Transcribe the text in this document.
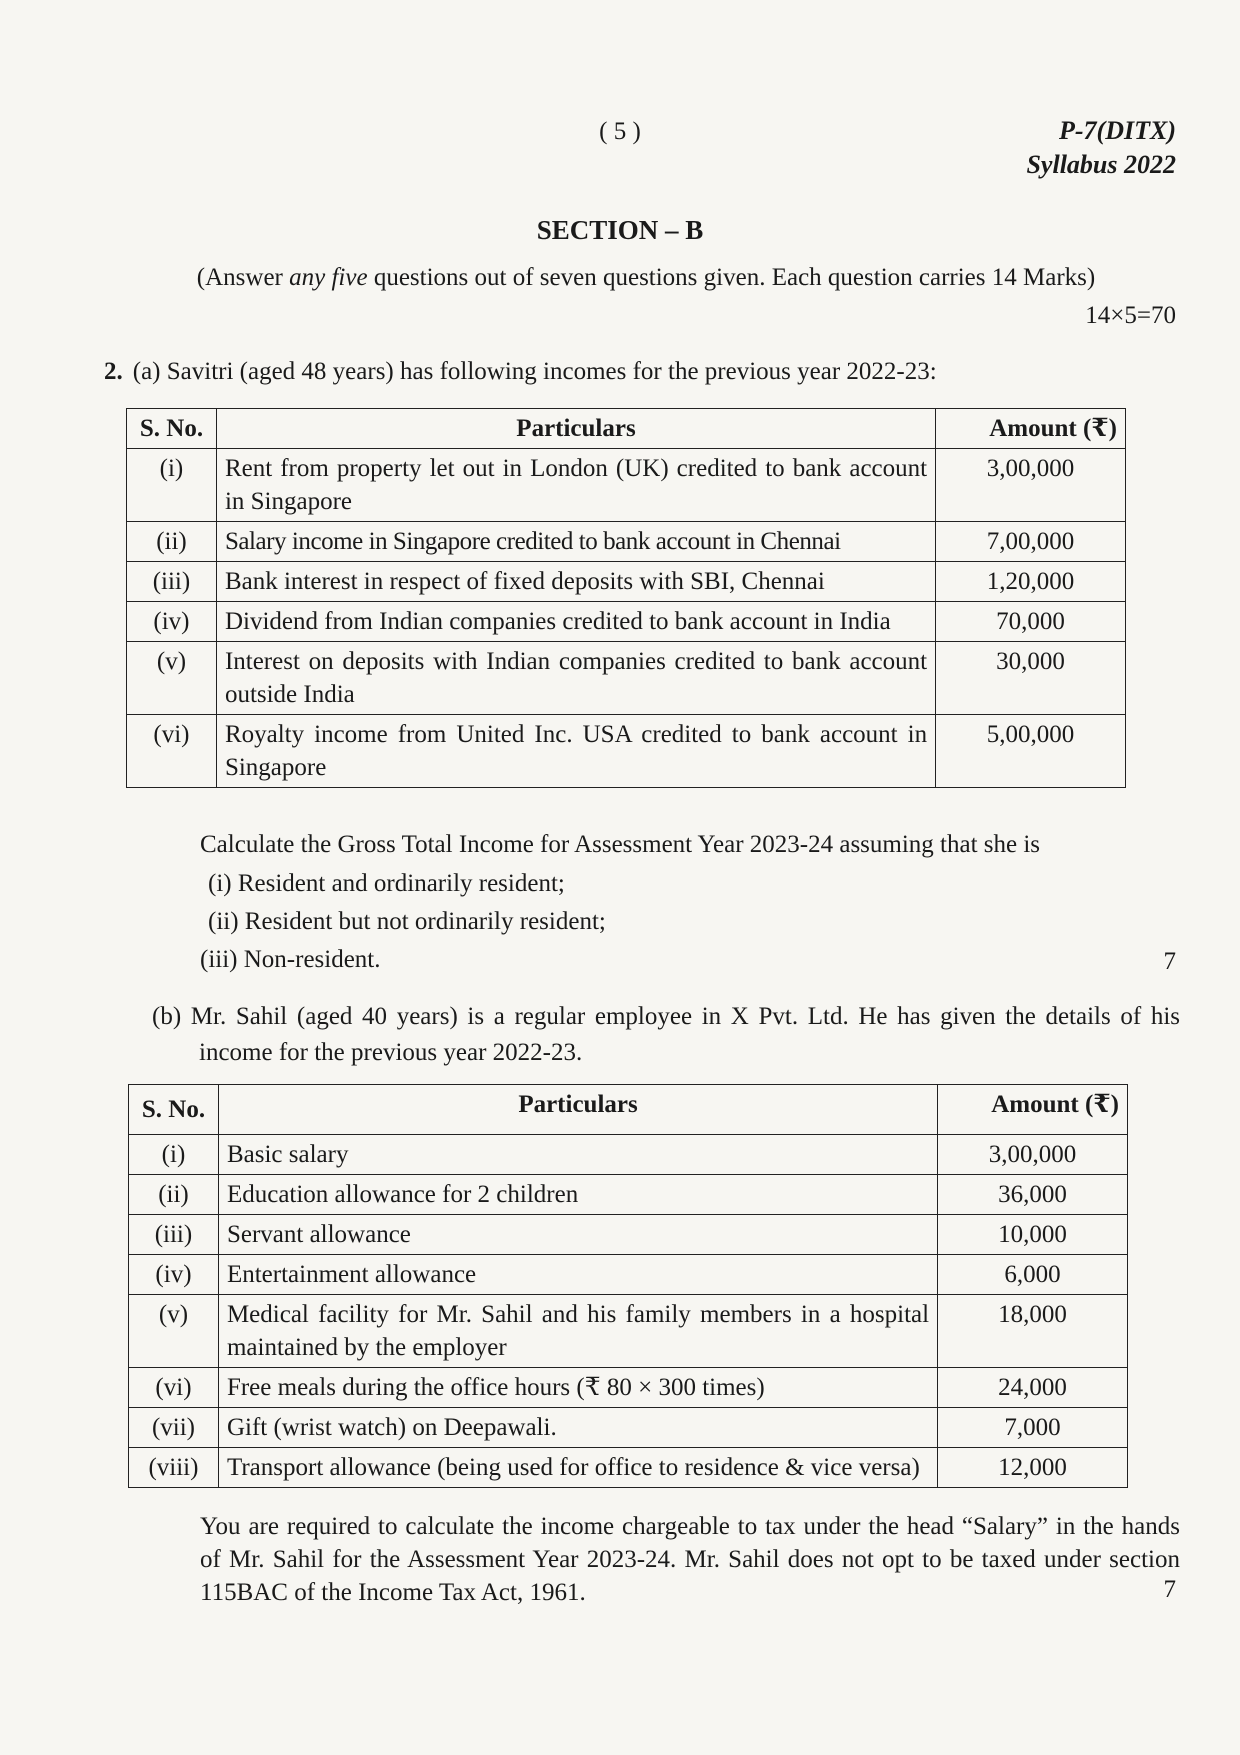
( 5 )	P-7(DITX)
Syllabus 2022
SECTION – B
(Answer any five questions out of seven questions given. Each question carries 14 Marks)
14×5=70
2. (a) Savitri (aged 48 years) has following incomes for the previous year 2022-23:
S. No.	Particulars	Amount (₹)
(i)	Rent from property let out in London (UK) credited to bank account in Singapore	3,00,000
(ii)	Salary income in Singapore credited to bank account in Chennai	7,00,000
(iii)	Bank interest in respect of fixed deposits with SBI, Chennai	1,20,000
(iv)	Dividend from Indian companies credited to bank account in India	70,000
(v)	Interest on deposits with Indian companies credited to bank account outside India	30,000
(vi)	Royalty income from United Inc. USA credited to bank account in Singapore	5,00,000
Calculate the Gross Total Income for Assessment Year 2023-24 assuming that she is
(i) Resident and ordinarily resident;
(ii) Resident but not ordinarily resident;
(iii) Non-resident.	7
(b) Mr. Sahil (aged 40 years) is a regular employee in X Pvt. Ltd. He has given the details of his income for the previous year 2022-23.
S. No.	Particulars	Amount (₹)
(i)	Basic salary	3,00,000
(ii)	Education allowance for 2 children	36,000
(iii)	Servant allowance	10,000
(iv)	Entertainment allowance	6,000
(v)	Medical facility for Mr. Sahil and his family members in a hospital maintained by the employer	18,000
(vi)	Free meals during the office hours (₹ 80 × 300 times)	24,000
(vii)	Gift (wrist watch) on Deepawali.	7,000
(viii)	Transport allowance (being used for office to residence & vice versa)	12,000
You are required to calculate the income chargeable to tax under the head “Salary” in the hands of Mr. Sahil for the Assessment Year 2023-24. Mr. Sahil does not opt to be taxed under section 115BAC of the Income Tax Act, 1961.	7
